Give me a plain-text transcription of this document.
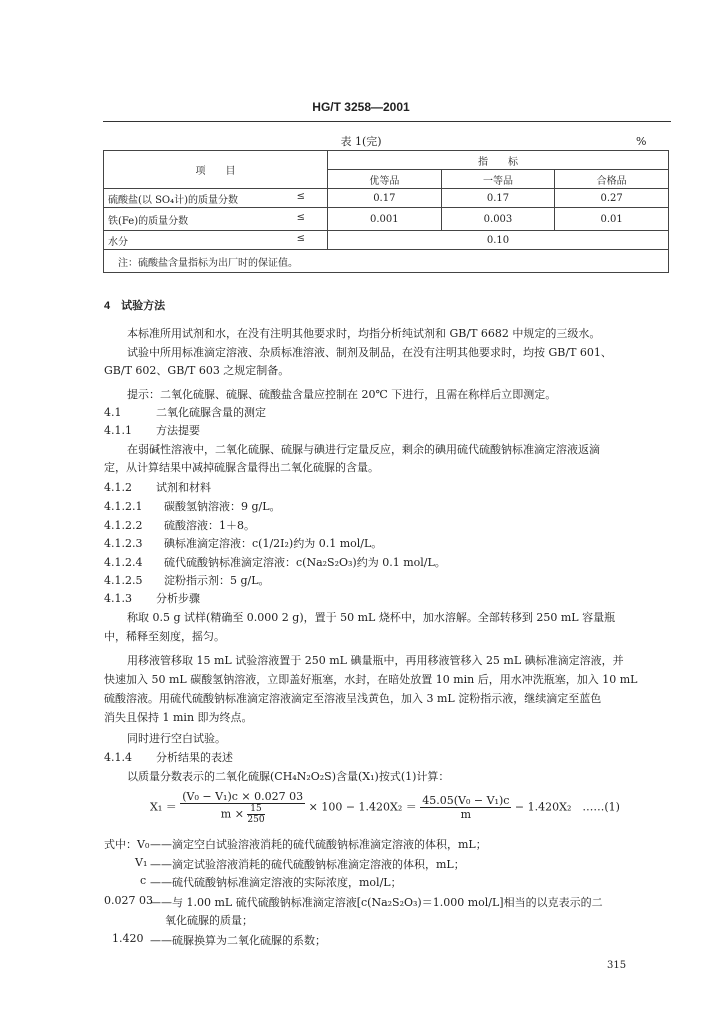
HG/T 3258—2001
表 1(完)	%
项　　目	指　　标		
	优等品	一等品	合格品
硫酸盐(以 SO₄计)的质量分数 ≤	0.17	0.17	0.27
铁(Fe)的质量分数 ≤	0.001	0.003	0.01
水分 ≤	0.10		
注：硫酸盐含量指标为出厂时的保证值。			
4　试验方法
本标准所用试剂和水，在没有注明其他要求时，均指分析纯试剂和 GB/T 6682 中规定的三级水。
试验中所用标准滴定溶液、杂质标准溶液、制剂及制品，在没有注明其他要求时，均按 GB/T 601、
GB/T 602、GB/T 603 之规定制备。
提示：二氧化硫脲、硫脲、硫酸盐含量应控制在 20℃ 下进行，且需在称样后立即测定。
4.1	二氧化硫脲含量的测定
4.1.1 方法提要
在弱碱性溶液中，二氧化硫脲、硫脲与碘进行定量反应，剩余的碘用硫代硫酸钠标准滴定溶液返滴
定，从计算结果中减掉硫脲含量得出二氧化硫脲的含量。
4.1.2 试剂和材料
4.1.2.1 碳酸氢钠溶液：9 g/L。
4.1.2.2 硫酸溶液：1＋8。
4.1.2.3 碘标准滴定溶液：c(1/2I₂)约为 0.1 mol/L。
4.1.2.4 硫代硫酸钠标准滴定溶液：c(Na₂S₂O₃)约为 0.1 mol/L。
4.1.2.5 淀粉指示剂：5 g/L。
4.1.3 分析步骤
称取 0.5 g 试样(精确至 0.000 2 g)，置于 50 mL 烧杯中，加水溶解。全部转移到 250 mL 容量瓶
中，稀释至刻度，摇匀。
用移液管移取 15 mL 试验溶液置于 250 mL 碘量瓶中，再用移液管移入 25 mL 碘标准滴定溶液，并
快速加入 50 mL 碳酸氢钠溶液，立即盖好瓶塞，水封，在暗处放置 10 min 后，用水冲洗瓶塞，加入 10 mL
硫酸溶液。用硫代硫酸钠标准滴定溶液滴定至溶液呈浅黄色，加入 3 mL 淀粉指示液，继续滴定至蓝色
消失且保持 1 min 即为终点。
同时进行空白试验。
4.1.4 分析结果的表述
以质量分数表示的二氧化硫脲(CH₄N₂O₂S)含量(X₁)按式(1)计算：
$X_1 = \frac{\text{(V₀ − V₁)c × 0.027 03}}{m \times \frac{15}{250}} \times 100 - 1.420X_2 = \frac{\text{45.05(V₀ − V₁)c}}{m} - 1.420X_2$　……(1)
式中：V₀ ——滴定空白试验溶液消耗的硫代硫酸钠标准滴定溶液的体积，mL；
V₁ ——滴定试验溶液消耗的硫代硫酸钠标准滴定溶液的体积，mL；
c ——硫代硫酸钠标准滴定溶液的实际浓度，mol/L；
0.027 03
——与 1.00 mL 硫代硫酸钠标准滴定溶液[c(Na₂S₂O₃)＝1.000 mol/L]相当的以克表示的二
氧化硫脲的质量；
1.420 ——硫脲换算为二氧化硫脲的系数；
315
